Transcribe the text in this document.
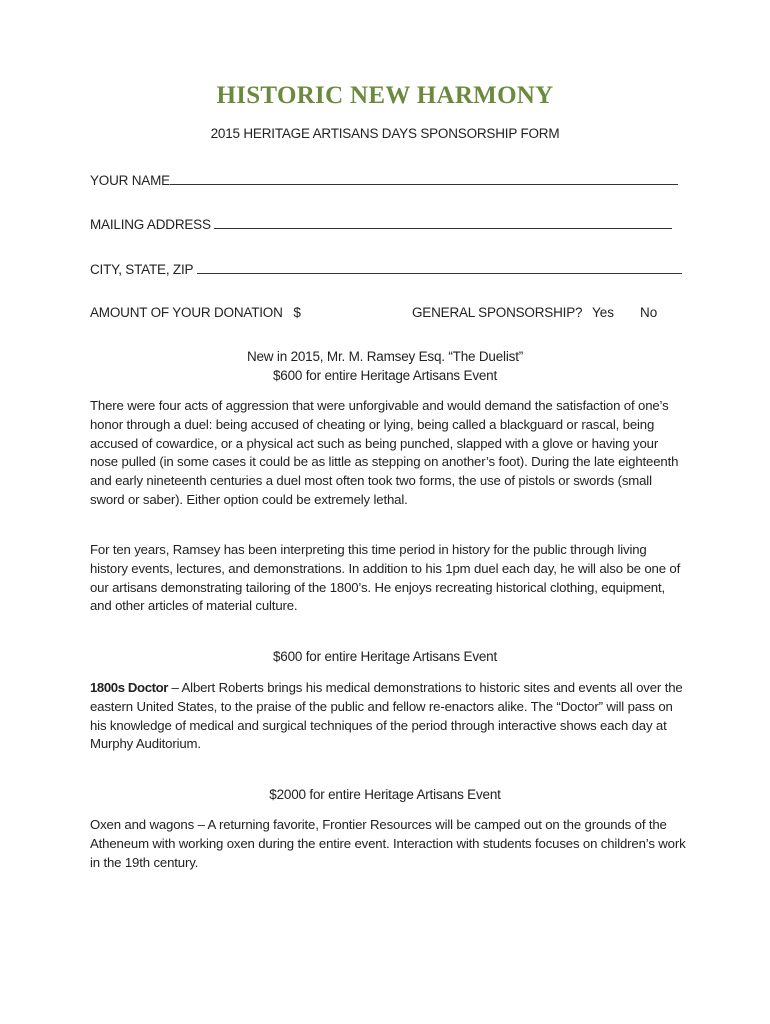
HISTORIC NEW HARMONY
2015 HERITAGE ARTISANS DAYS SPONSORSHIP FORM
YOUR NAME
MAILING ADDRESS
CITY, STATE, ZIP
AMOUNT OF YOUR DONATION $	GENERAL SPONSORSHIP? Yes No
New in 2015, Mr. M. Ramsey Esq. “The Duelist”
$600 for entire Heritage Artisans Event

There were four acts of aggression that were unforgivable and would demand the satisfaction of one’s honor through a duel: being accused of cheating or lying, being called a blackguard or rascal, being accused of cowardice, or a physical act such as being punched, slapped with a glove or having your nose pulled (in some cases it could be as little as stepping on another’s foot). During the late eighteenth and early nineteenth centuries a duel most often took two forms, the use of pistols or swords (small sword or saber). Either option could be extremely lethal.

For ten years, Ramsey has been interpreting this time period in history for the public through living history events, lectures, and demonstrations. In addition to his 1pm duel each day, he will also be one of our artisans demonstrating tailoring of the 1800’s. He enjoys recreating historical clothing, equipment, and other articles of material culture.

$600 for entire Heritage Artisans Event

1800s Doctor – Albert Roberts brings his medical demonstrations to historic sites and events all over the eastern United States, to the praise of the public and fellow re-enactors alike. The “Doctor” will pass on his knowledge of medical and surgical techniques of the period through interactive shows each day at Murphy Auditorium.

$2000 for entire Heritage Artisans Event

Oxen and wagons – A returning favorite, Frontier Resources will be camped out on the grounds of the Atheneum with working oxen during the entire event. Interaction with students focuses on children’s work in the 19th century.
